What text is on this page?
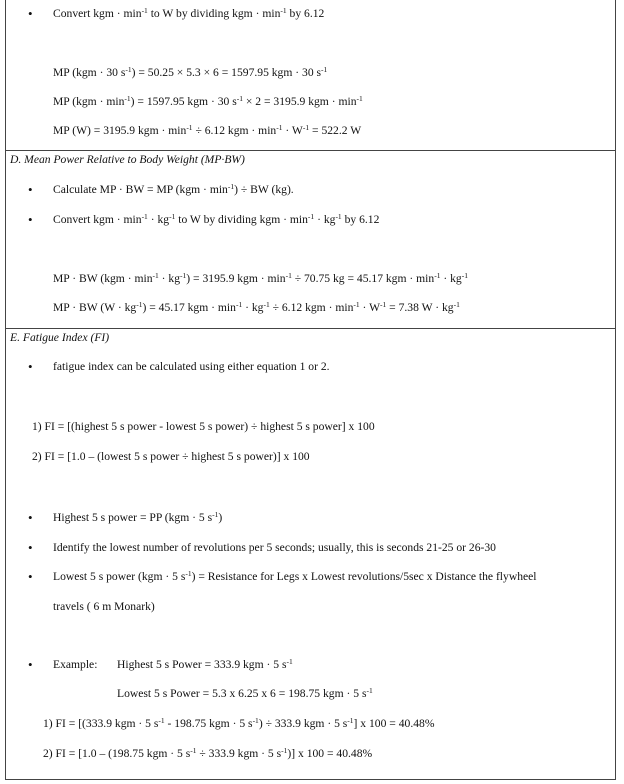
• Convert kgm · $\min^{-1}$ to W by dividing kgm · $\min^{-1}$ by 6.12
MP (kgm · 30 $s^{-1}) = 50.25 \times 5.3 \times 6 = 1597.95$ kgm · 30 $s^{-1}$
MP $(kgm \cdot \min^{-1}) = 1597.95$ kgm · 30 $s^{-1} \times 2 = 3195.9$ kgm · $\min^{-1}$
MP (W) = 3195.9 kgm · $\min^{-1} \div 6.12$ kgm · $\min^{-1} \cdot W^{-1} = 522.2$ W
D. Mean Power Relative to Body Weight (MP·BW)
• Calculate MP · BW = MP $(kgm \cdot \min^{-1})$ ÷ BW (kg).
• Convert kgm · $\min^{-1} \cdot kg^{-1}$ to W by dividing kgm · $\min^{-1} \cdot kg^{-1}$ by 6.12
MP · BW $(kgm \cdot \min^{-1} \cdot kg^{-1}) = 3195.9$ kgm · $\min^{-1} \div 70.75$ kg = 45.17 kgm · $\min^{-1} \cdot kg^{-1}$
MP · BW $(W \cdot kg^{-1}) = 45.17$ kgm · $\min^{-1} \cdot kg^{-1} \div 6.12$ kgm · $\min^{-1} \cdot W^{-1} = 7.38$ $W \cdot kg^{-1}$
E. Fatigue Index (FI)
• fatigue index can be calculated using either equation 1 or 2.
1) FI = [(highest 5 s power - lowest 5 s power) ÷ highest 5 s power] x 100
2) FI = [1.0 – (lowest 5 s power ÷ highest 5 s power)] x 100
• Highest 5 s power = PP (kgm · 5 $s^{-1}$)
• Identify the lowest number of revolutions per 5 seconds; usually, this is seconds 21-25 or 26-30
• Lowest 5 s power (kgm · 5 $s^{-1}$) = Resistance for Legs x Lowest revolutions/5sec x Distance the flywheel
travels ( 6 m Monark)
• Example: Highest 5 s Power = 333.9 kgm · 5 $s^{-1}$
Lowest 5 s Power = 5.3 x 6.25 x 6 = 198.75 kgm · 5 $s^{-1}$
1) FI = [(333.9 kgm · 5 $s^{-1} - 198.75$ kgm · 5 $s^{-1}) \div 333.9$ kgm · 5 $s^{-1}$] x 100 = 40.48%
2) FI = [1.0 – (198.75 kgm · 5 $s^{-1} \div 333.9$ kgm · 5 $s^{-1}$)] x 100 = 40.48%
